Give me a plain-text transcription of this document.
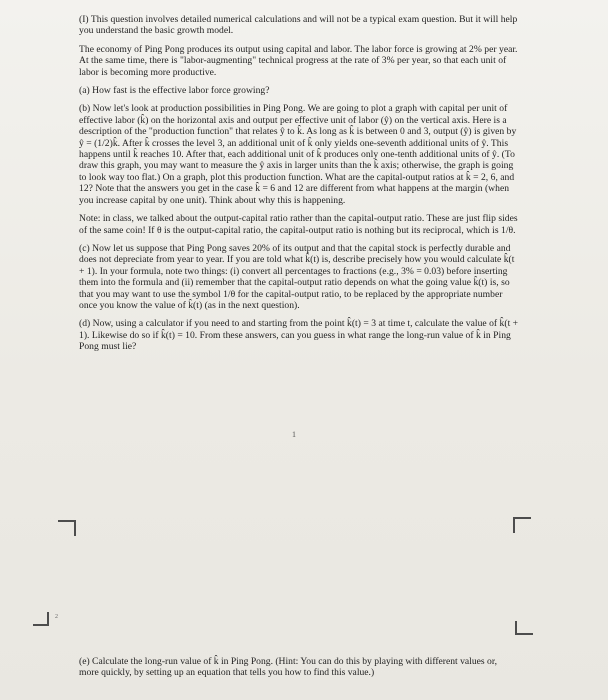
(I) This question involves detailed numerical calculations and will not be a typical exam question. But it will help you understand the basic growth model.

The economy of Ping Pong produces its output using capital and labor. The labor force is growing at 2% per year. At the same time, there is "labor-augmenting" technical progress at the rate of 3% per year, so that each unit of labor is becoming more productive.

(a) How fast is the effective labor force growing?

(b) Now let's look at production possibilities in Ping Pong. We are going to plot a graph with capital per unit of effective labor (k̂) on the horizontal axis and output per effective unit of labor (ŷ) on the vertical axis. Here is a description of the "production function" that relates ŷ to k̂. As long as k̂ is between 0 and 3, output (ŷ) is given by ŷ = (1/2)k̂. After k̂ crosses the level 3, an additional unit of k̂ only yields one-seventh additional units of ŷ. This happens until k̂ reaches 10. After that, each additional unit of k̂ produces only one-tenth additional units of ŷ. (To draw this graph, you may want to measure the ŷ axis in larger units than the k̂ axis; otherwise, the graph is going to look way too flat.) On a graph, plot this production function. What are the capital-output ratios at k̂ = 2, 6, and 12? Note that the answers you get in the case k̂ = 6 and 12 are different from what happens at the margin (when you increase capital by one unit). Think about why this is happening.

Note: in class, we talked about the output-capital ratio rather than the capital-output ratio. These are just flip sides of the same coin! If θ is the output-capital ratio, the capital-output ratio is nothing but its reciprocal, which is 1/θ.

(c) Now let us suppose that Ping Pong saves 20% of its output and that the capital stock is perfectly durable and does not depreciate from year to year. If you are told what k̂(t) is, describe precisely how you would calculate k̂(t + 1). In your formula, note two things: (i) convert all percentages to fractions (e.g., 3% = 0.03) before inserting them into the formula and (ii) remember that the capital-output ratio depends on what the going value k̂(t) is, so that you may want to use the symbol 1/θ for the capital-output ratio, to be replaced by the appropriate number once you know the value of k̂(t) (as in the next question).

(d) Now, using a calculator if you need to and starting from the point k̂(t) = 3 at time t, calculate the value of k̂(t + 1). Likewise do so if k̂(t) = 10. From these answers, can you guess in what range the long-run value of k̂ in Ping Pong must lie?

1
2

(e) Calculate the long-run value of k̂ in Ping Pong. (Hint: You can do this by playing with different values or, more quickly, by setting up an equation that tells you how to find this value.)
